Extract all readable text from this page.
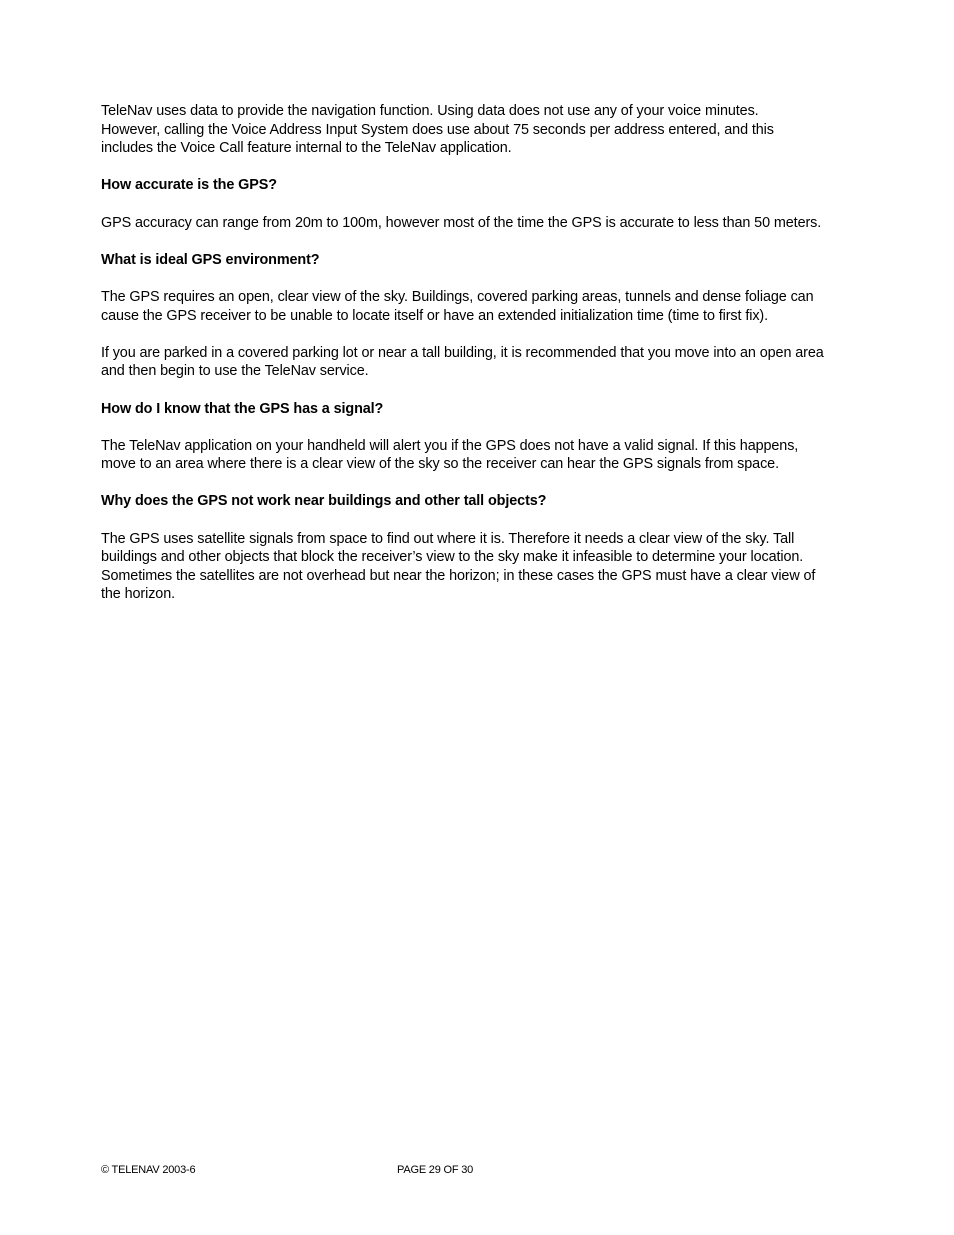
TeleNav uses data to provide the navigation function. Using data does not use any of your voice minutes.
However, calling the Voice Address Input System does use about 75 seconds per address entered, and this
includes the Voice Call feature internal to the TeleNav application.

How accurate is the GPS?

GPS accuracy can range from 20m to 100m, however most of the time the GPS is accurate to less than 50 meters.

What is ideal GPS environment?

The GPS requires an open, clear view of the sky. Buildings, covered parking areas, tunnels and dense foliage can
cause the GPS receiver to be unable to locate itself or have an extended initialization time (time to first fix).

If you are parked in a covered parking lot or near a tall building, it is recommended that you move into an open area
and then begin to use the TeleNav service.

How do I know that the GPS has a signal?

The TeleNav application on your handheld will alert you if the GPS does not have a valid signal. If this happens,
move to an area where there is a clear view of the sky so the receiver can hear the GPS signals from space.

Why does the GPS not work near buildings and other tall objects?

The GPS uses satellite signals from space to find out where it is. Therefore it needs a clear view of the sky. Tall
buildings and other objects that block the receiver’s view to the sky make it infeasible to determine your location.
Sometimes the satellites are not overhead but near the horizon; in these cases the GPS must have a clear view of
the horizon.

© TELENAV 2003-6	PAGE 29 OF 30
